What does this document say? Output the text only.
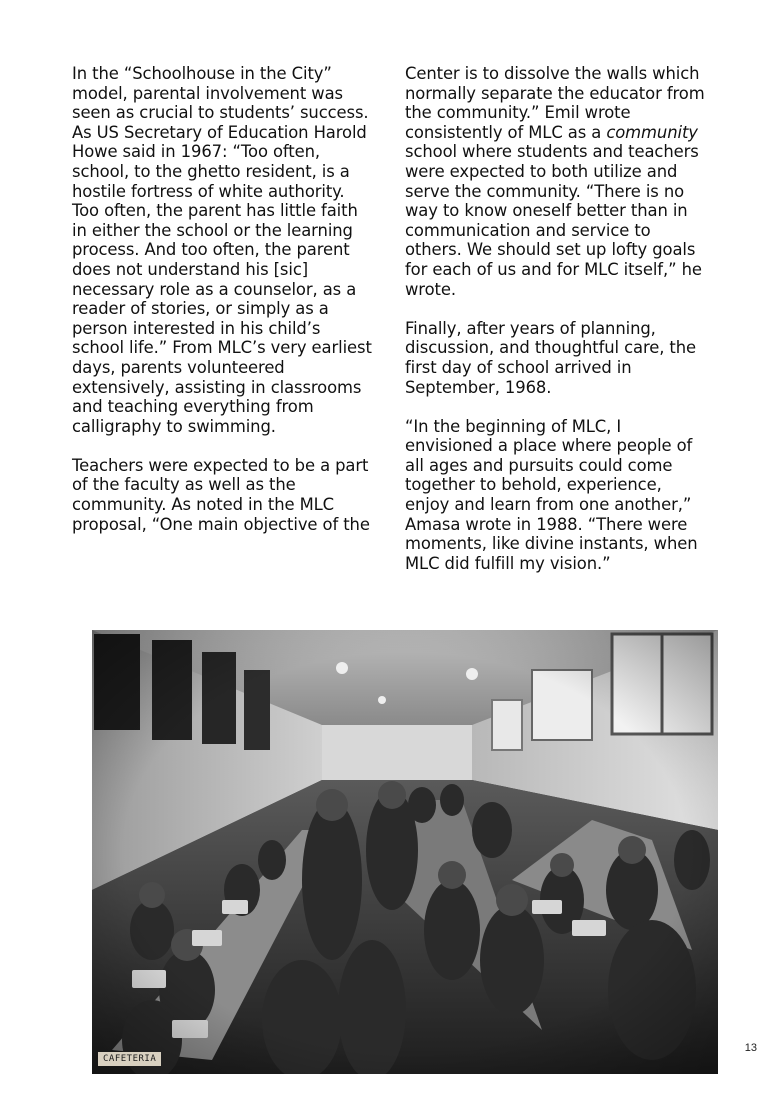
In the “Schoolhouse in the City” model, parental involvement was seen as crucial to students’ success. As US Secretary of Education Harold Howe said in 1967: “Too often, school, to the ghetto resident, is a hostile fortress of white authority. Too often, the parent has little faith in either the school or the learning process. And too often, the parent does not understand his [sic] necessary role as a counselor, as a reader of stories, or simply as a person interested in his child’s school life.” From MLC’s very earliest days, parents volunteered extensively, assisting in classrooms and teaching everything from calligraphy to swimming.

Teachers were expected to be a part of the faculty as well as the community. As noted in the MLC proposal, “One main objective of the

Center is to dissolve the walls which normally separate the educator from the community.” Emil wrote consistently of MLC as a community school where students and teachers were expected to both utilize and serve the community. “There is no way to know oneself better than in communication and service to others. We should set up lofty goals for each of us and for MLC itself,” he wrote.

Finally, after years of planning, discussion, and thoughtful care, the first day of school arrived in September, 1968.

“In the beginning of MLC, I envisioned a place where people of all ages and pursuits could come together to behold, experience, enjoy and learn from one another,” Amasa wrote in 1988. “There were moments, like divine instants, when MLC did fulfill my vision.”

CAFETERIA
13
